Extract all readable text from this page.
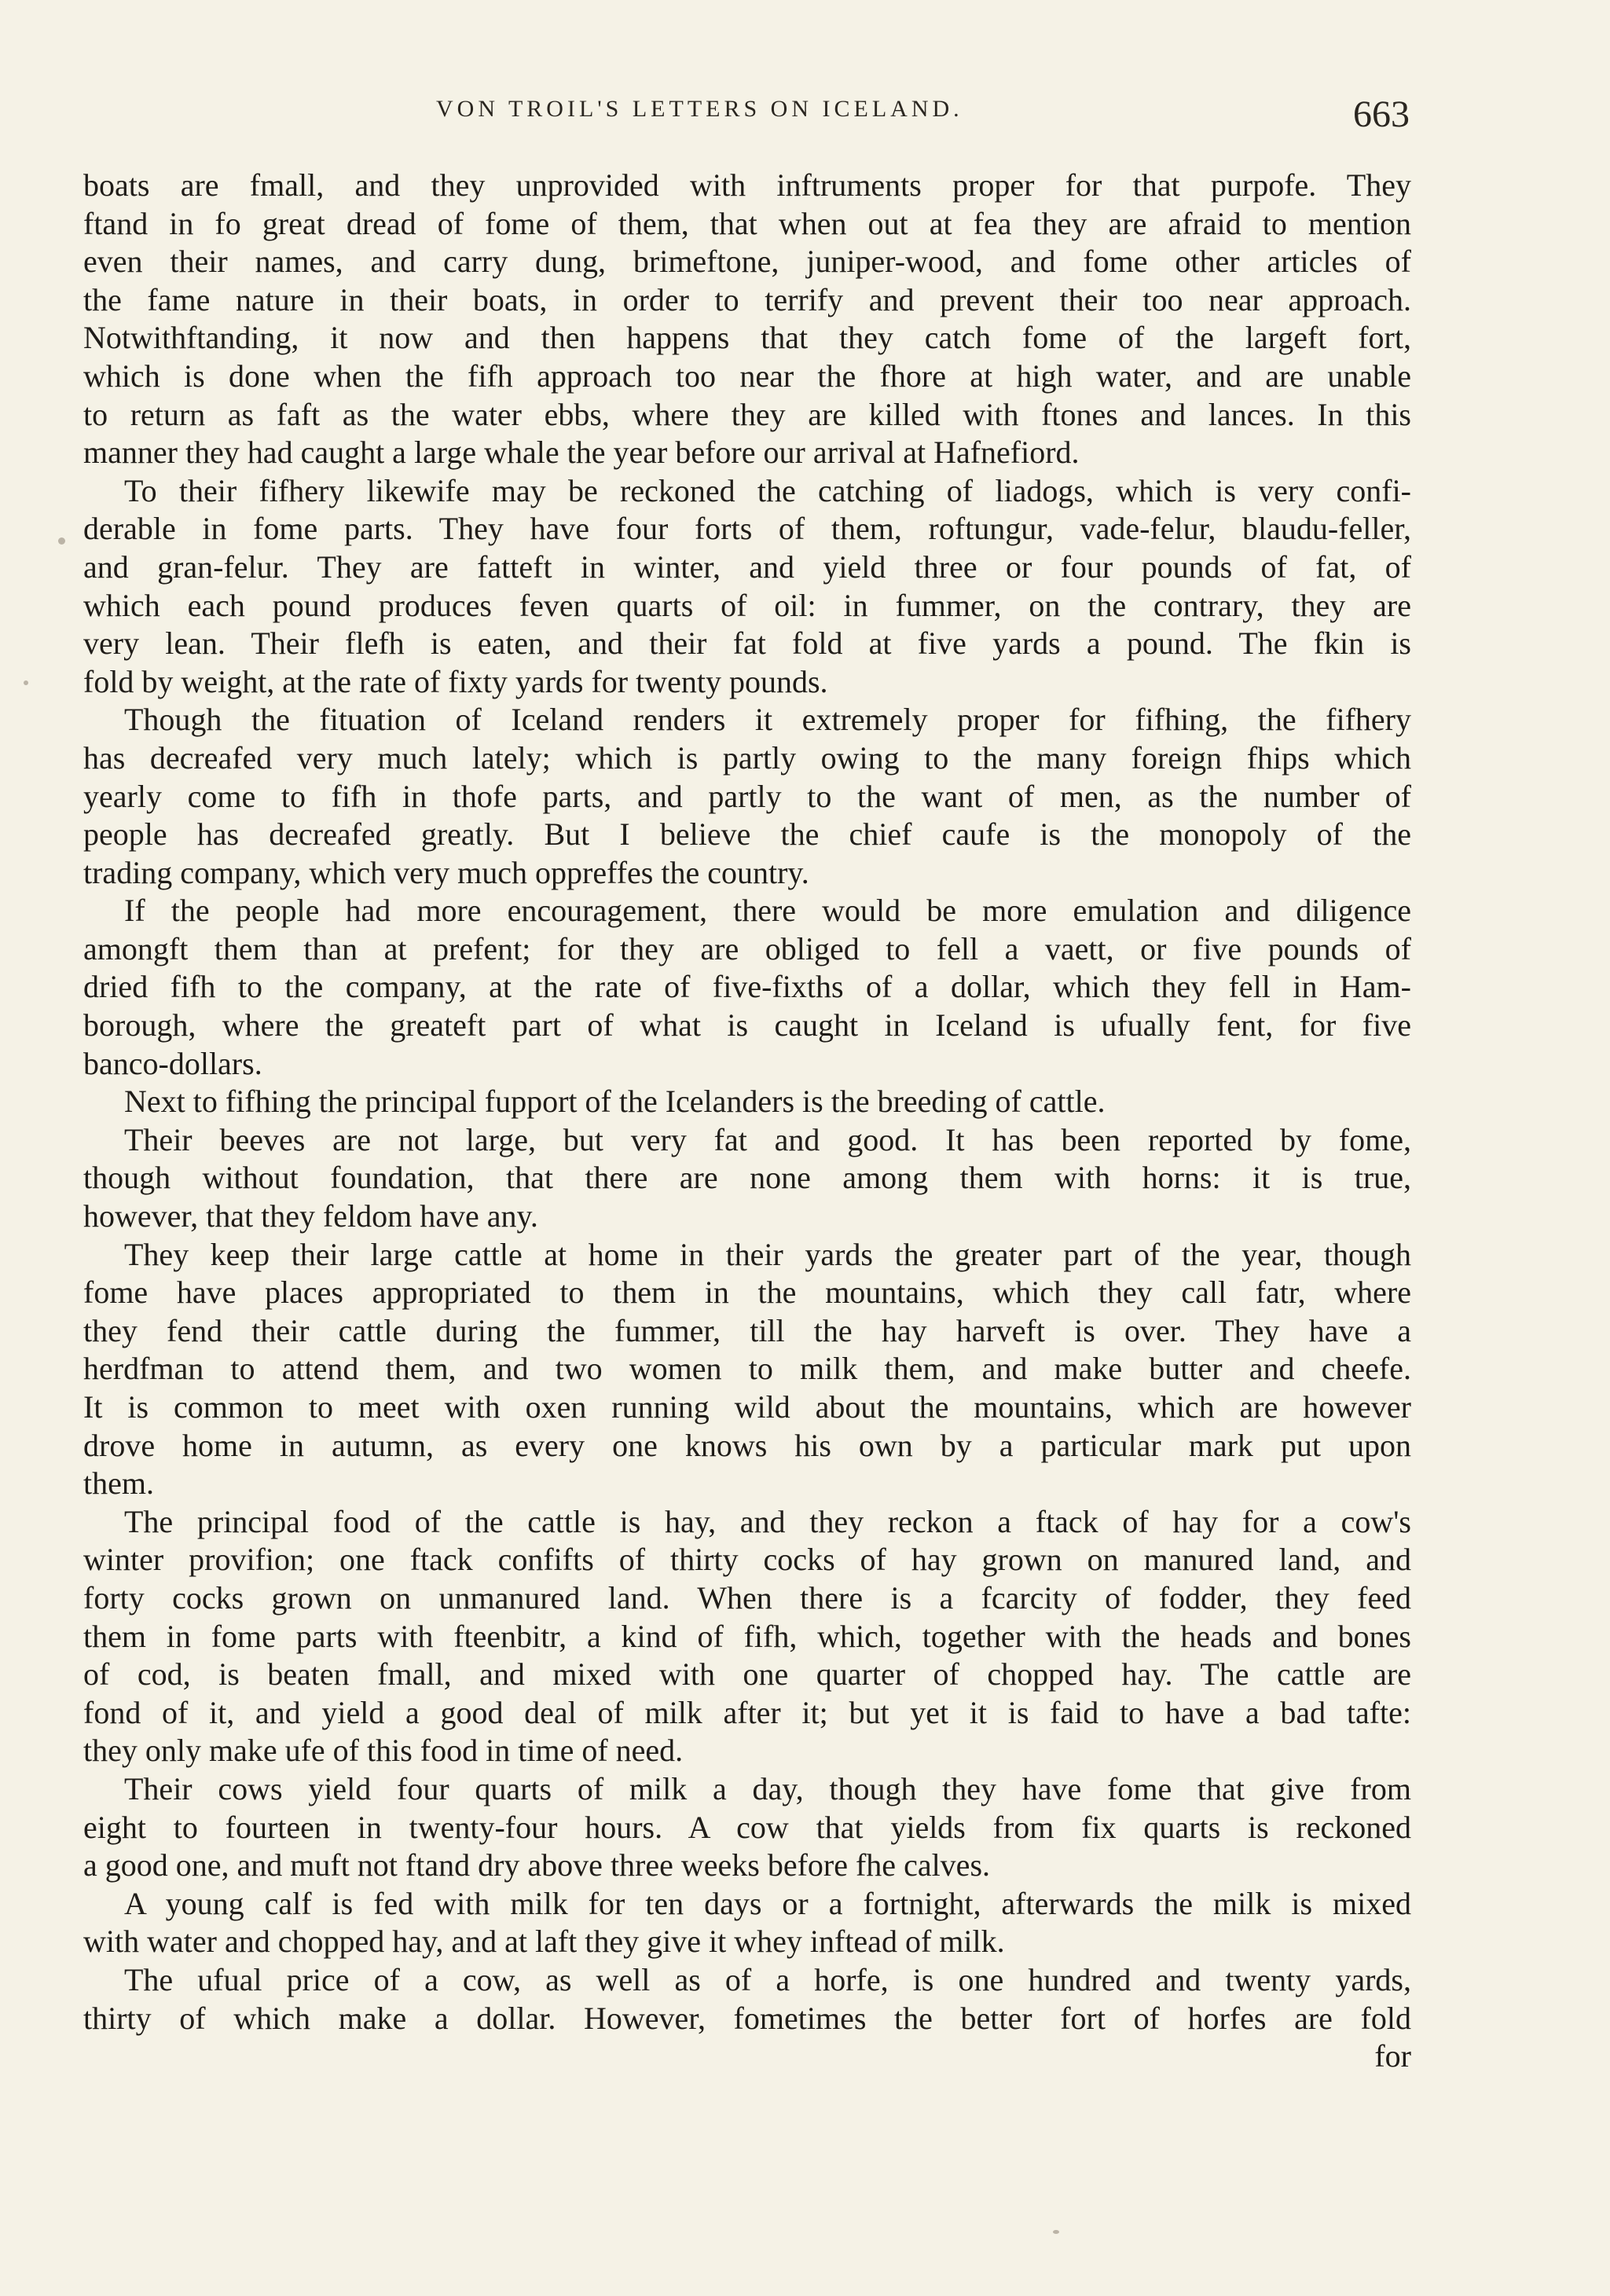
VON TROIL'S LETTERS ON ICELAND.	663
boats are fmall, and they unprovided with inftruments proper for that purpofe. They
ftand in fo great dread of fome of them, that when out at fea they are afraid to mention
even their names, and carry dung, brimeftone, juniper-wood, and fome other articles of
the fame nature in their boats, in order to terrify and prevent their too near approach.
Notwithftanding, it now and then happens that they catch fome of the largeft fort,
which is done when the fifh approach too near the fhore at high water, and are unable
to return as faft as the water ebbs, where they are killed with ftones and lances. In this
manner they had caught a large whale the year before our arrival at Hafnefiord.
To their fifhery likewife may be reckoned the catching of liadogs, which is very confi-
derable in fome parts. They have four forts of them, roftungur, vade-felur, blaudu-feller,
and gran-felur. They are fatteft in winter, and yield three or four pounds of fat, of
which each pound produces feven quarts of oil: in fummer, on the contrary, they are
very lean. Their flefh is eaten, and their fat fold at five yards a pound. The fkin is
fold by weight, at the rate of fixty yards for twenty pounds.
Though the fituation of Iceland renders it extremely proper for fifhing, the fifhery
has decreafed very much lately; which is partly owing to the many foreign fhips which
yearly come to fifh in thofe parts, and partly to the want of men, as the number of
people has decreafed greatly. But I believe the chief caufe is the monopoly of the
trading company, which very much oppreffes the country.
If the people had more encouragement, there would be more emulation and diligence
amongft them than at prefent; for they are obliged to fell a vaett, or five pounds of
dried fifh to the company, at the rate of five-fixths of a dollar, which they fell in Ham-
borough, where the greateft part of what is caught in Iceland is ufually fent, for five
banco-dollars.
Next to fifhing the principal fupport of the Icelanders is the breeding of cattle.
Their beeves are not large, but very fat and good. It has been reported by fome,
though without foundation, that there are none among them with horns: it is true,
however, that they feldom have any.
They keep their large cattle at home in their yards the greater part of the year, though
fome have places appropriated to them in the mountains, which they call fatr, where
they fend their cattle during the fummer, till the hay harveft is over. They have a
herdfman to attend them, and two women to milk them, and make butter and cheefe.
It is common to meet with oxen running wild about the mountains, which are however
drove home in autumn, as every one knows his own by a particular mark put upon
them.
The principal food of the cattle is hay, and they reckon a ftack of hay for a cow's
winter provifion; one ftack confifts of thirty cocks of hay grown on manured land, and
forty cocks grown on unmanured land. When there is a fcarcity of fodder, they feed
them in fome parts with fteenbitr, a kind of fifh, which, together with the heads and bones
of cod, is beaten fmall, and mixed with one quarter of chopped hay. The cattle are
fond of it, and yield a good deal of milk after it; but yet it is faid to have a bad tafte:
they only make ufe of this food in time of need.
Their cows yield four quarts of milk a day, though they have fome that give from
eight to fourteen in twenty-four hours. A cow that yields from fix quarts is reckoned
a good one, and muft not ftand dry above three weeks before fhe calves.
A young calf is fed with milk for ten days or a fortnight, afterwards the milk is mixed
with water and chopped hay, and at laft they give it whey inftead of milk.
The ufual price of a cow, as well as of a horfe, is one hundred and twenty yards,
thirty of which make a dollar. However, fometimes the better fort of horfes are fold
for
